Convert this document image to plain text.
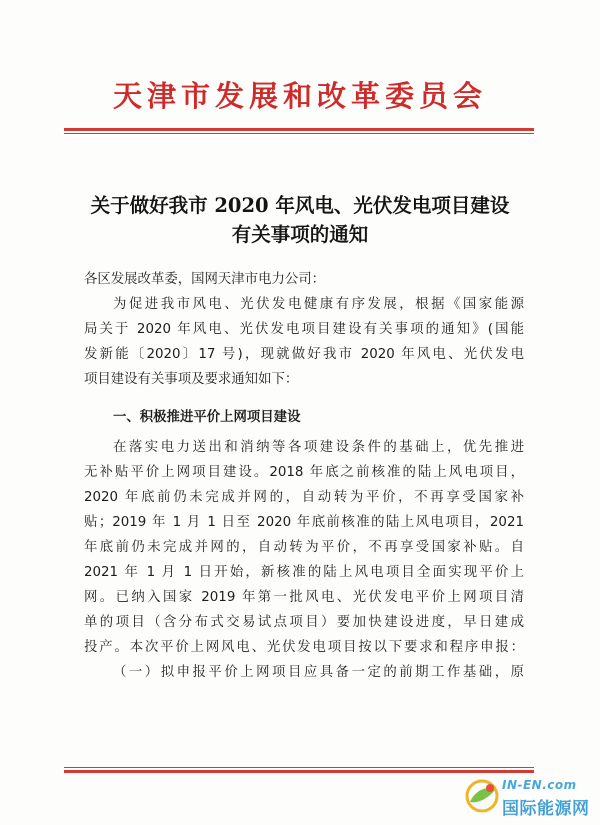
天津市发展和改革委员会
关于做好我市 2020 年风电、光伏发电项目建设
有关事项的通知
各区发展改革委，国网天津市电力公司：
为促进我市风电、光伏发电健康有序发展，根据《国家能源
局关于 2020 年风电、光伏发电项目建设有关事项的通知》(国能
发新能〔2020〕17 号)，现就做好我市 2020 年风电、光伏发电
项目建设有关事项及要求通知如下：
一、积极推进平价上网项目建设
在落实电力送出和消纳等各项建设条件的基础上，优先推进
无补贴平价上网项目建设。2018 年底之前核准的陆上风电项目，
2020 年底前仍未完成并网的，自动转为平价，不再享受国家补
贴；2019 年 1 月 1 日至 2020 年底前核准的陆上风电项目，2021
年底前仍未完成并网的，自动转为平价，不再享受国家补贴。自
2021 年 1 月 1 日开始，新核准的陆上风电项目全面实现平价上
网。已纳入国家 2019 年第一批风电、光伏发电平价上网项目清
单的项目（含分布式交易试点项目）要加快建设进度，早日建成
投产。本次平价上网风电、光伏发电项目按以下要求和程序申报：
（一）拟申报平价上网项目应具备一定的前期工作基础，原
IN-EN.com
国际能源网
